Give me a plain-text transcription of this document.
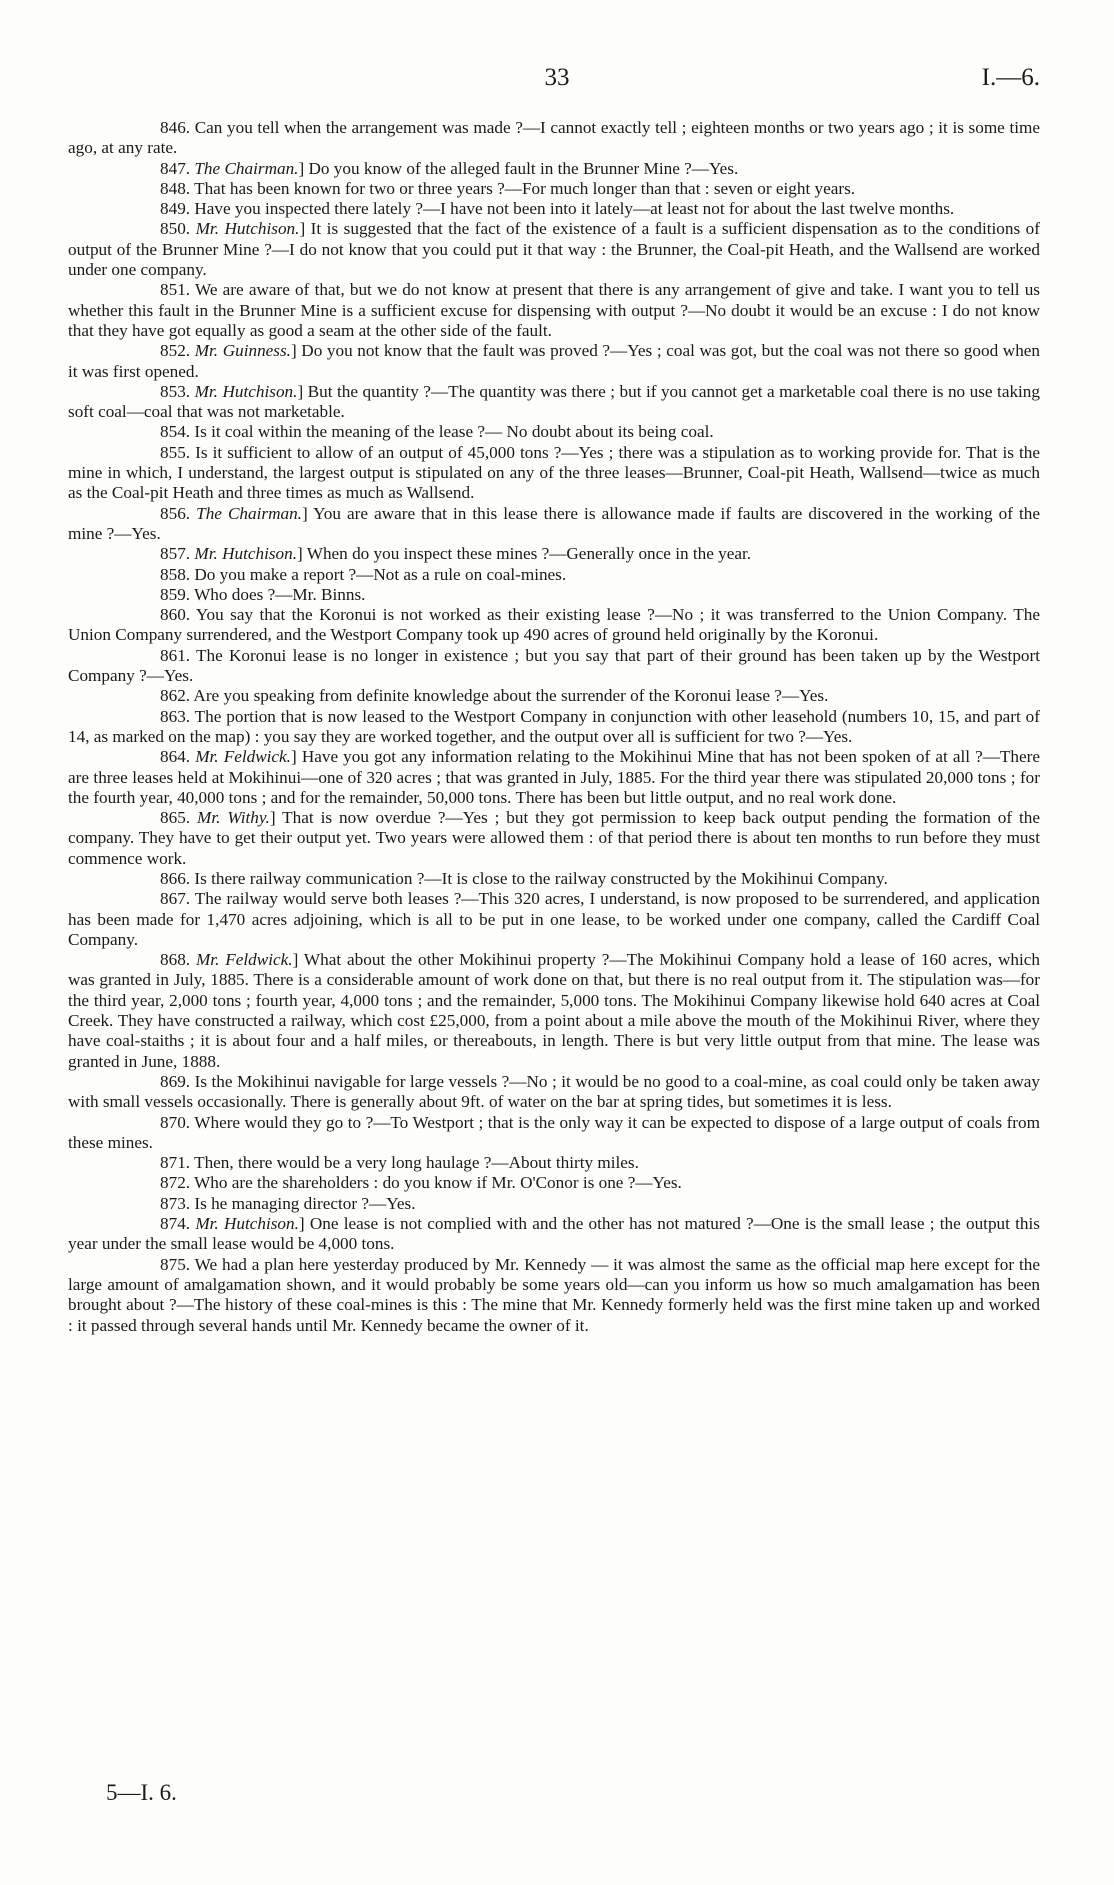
33	I.—6.

846. Can you tell when the arrangement was made ?—I cannot exactly tell ; eighteen months or two years ago ; it is some time ago, at any rate.

847. The Chairman.] Do you know of the alleged fault in the Brunner Mine ?—Yes.

848. That has been known for two or three years ?—For much longer than that : seven or eight years.

849. Have you inspected there lately ?—I have not been into it lately—at least not for about the last twelve months.

850. Mr. Hutchison.] It is suggested that the fact of the existence of a fault is a sufficient dispensation as to the conditions of output of the Brunner Mine ?—I do not know that you could put it that way : the Brunner, the Coal-pit Heath, and the Wallsend are worked under one company.

851. We are aware of that, but we do not know at present that there is any arrangement of give and take. I want you to tell us whether this fault in the Brunner Mine is a sufficient excuse for dispensing with output ?—No doubt it would be an excuse : I do not know that they have got equally as good a seam at the other side of the fault.

852. Mr. Guinness.] Do you not know that the fault was proved ?—Yes ; coal was got, but the coal was not there so good when it was first opened.

853. Mr. Hutchison.] But the quantity ?—The quantity was there ; but if you cannot get a marketable coal there is no use taking soft coal—coal that was not marketable.

854. Is it coal within the meaning of the lease ?— No doubt about its being coal.

855. Is it sufficient to allow of an output of 45,000 tons ?—Yes ; there was a stipulation as to working provide for. That is the mine in which, I understand, the largest output is stipulated on any of the three leases—Brunner, Coal-pit Heath, Wallsend—twice as much as the Coal-pit Heath and three times as much as Wallsend.

856. The Chairman.] You are aware that in this lease there is allowance made if faults are discovered in the working of the mine ?—Yes.

857. Mr. Hutchison.] When do you inspect these mines ?—Generally once in the year.

858. Do you make a report ?—Not as a rule on coal-mines.

859. Who does ?—Mr. Binns.

860. You say that the Koronui is not worked as their existing lease ?—No ; it was transferred to the Union Company. The Union Company surrendered, and the Westport Company took up 490 acres of ground held originally by the Koronui.

861. The Koronui lease is no longer in existence ; but you say that part of their ground has been taken up by the Westport Company ?—Yes.

862. Are you speaking from definite knowledge about the surrender of the Koronui lease ?—Yes.

863. The portion that is now leased to the Westport Company in conjunction with other leasehold (numbers 10, 15, and part of 14, as marked on the map) : you say they are worked together, and the output over all is sufficient for two ?—Yes.

864. Mr. Feldwick.] Have you got any information relating to the Mokihinui Mine that has not been spoken of at all ?—There are three leases held at Mokihinui—one of 320 acres ; that was granted in July, 1885. For the third year there was stipulated 20,000 tons ; for the fourth year, 40,000 tons ; and for the remainder, 50,000 tons. There has been but little output, and no real work done.

865. Mr. Withy.] That is now overdue ?—Yes ; but they got permission to keep back output pending the formation of the company. They have to get their output yet. Two years were allowed them : of that period there is about ten months to run before they must commence work.

866. Is there railway communication ?—It is close to the railway constructed by the Mokihinui Company.

867. The railway would serve both leases ?—This 320 acres, I understand, is now proposed to be surrendered, and application has been made for 1,470 acres adjoining, which is all to be put in one lease, to be worked under one company, called the Cardiff Coal Company.

868. Mr. Feldwick.] What about the other Mokihinui property ?—The Mokihinui Company hold a lease of 160 acres, which was granted in July, 1885. There is a considerable amount of work done on that, but there is no real output from it. The stipulation was—for the third year, 2,000 tons ; fourth year, 4,000 tons ; and the remainder, 5,000 tons. The Mokihinui Company likewise hold 640 acres at Coal Creek. They have constructed a railway, which cost £25,000, from a point about a mile above the mouth of the Mokihinui River, where they have coal-staiths ; it is about four and a half miles, or thereabouts, in length. There is but very little output from that mine. The lease was granted in June, 1888.

869. Is the Mokihinui navigable for large vessels ?—No ; it would be no good to a coal-mine, as coal could only be taken away with small vessels occasionally. There is generally about 9ft. of water on the bar at spring tides, but sometimes it is less.

870. Where would they go to ?—To Westport ; that is the only way it can be expected to dispose of a large output of coals from these mines.

871. Then, there would be a very long haulage ?—About thirty miles.

872. Who are the shareholders : do you know if Mr. O'Conor is one ?—Yes.

873. Is he managing director ?—Yes.

874. Mr. Hutchison.] One lease is not complied with and the other has not matured ?—One is the small lease ; the output this year under the small lease would be 4,000 tons.

875. We had a plan here yesterday produced by Mr. Kennedy — it was almost the same as the official map here except for the large amount of amalgamation shown, and it would probably be some years old—can you inform us how so much amalgamation has been brought about ?—The history of these coal-mines is this : The mine that Mr. Kennedy formerly held was the first mine taken up and worked : it passed through several hands until Mr. Kennedy became the owner of it.

5—I. 6.
